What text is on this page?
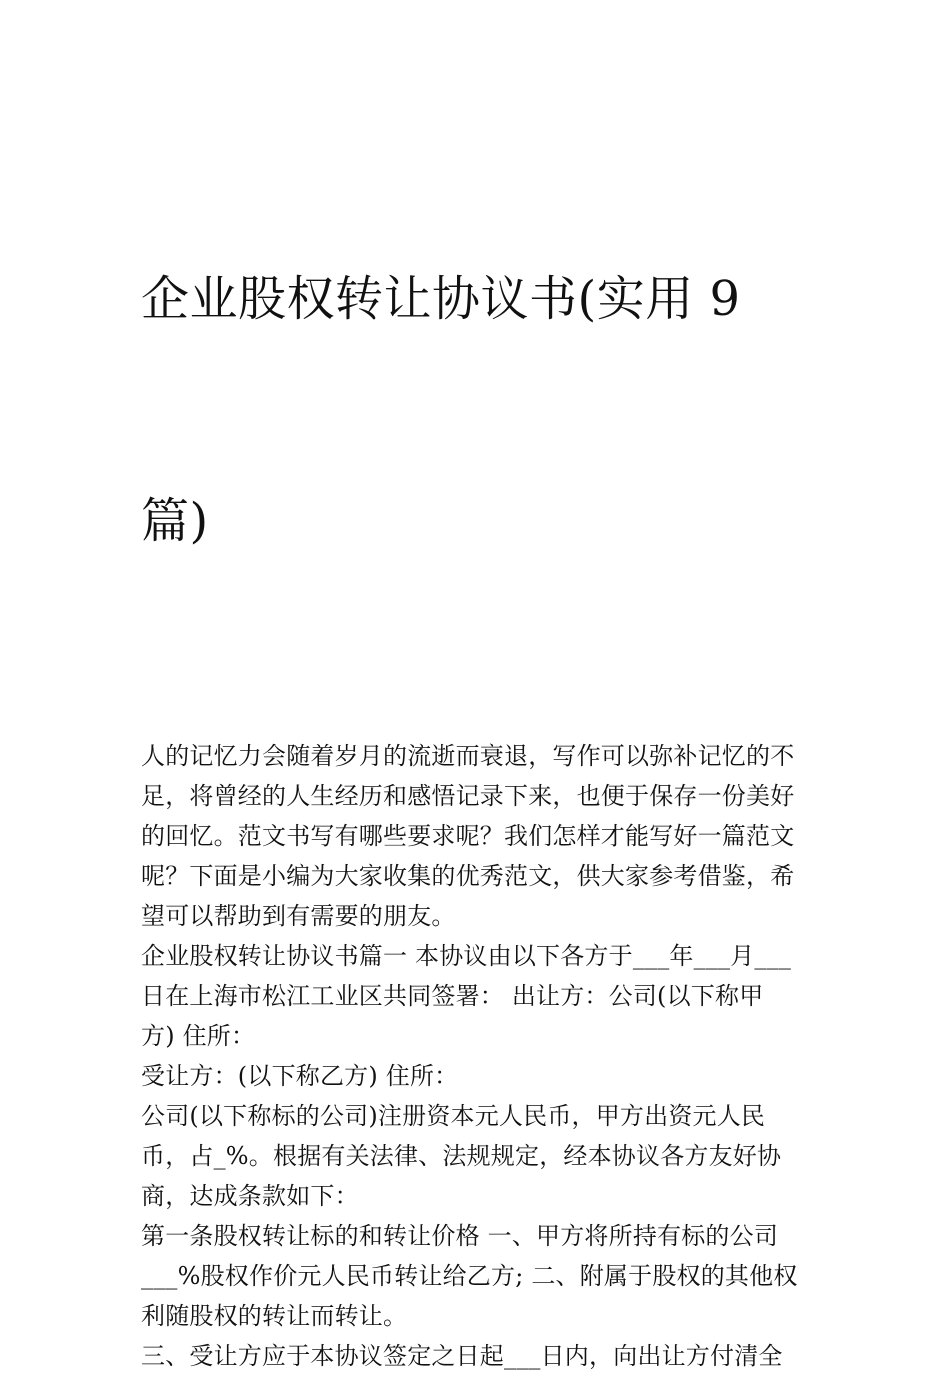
企业股权转让协议书(实用 9

篇)

人的记忆力会随着岁月的流逝而衰退，写作可以弥补记忆的不
足，将曾经的人生经历和感悟记录下来，也便于保存一份美好
的回忆。范文书写有哪些要求呢？我们怎样才能写好一篇范文
呢？下面是小编为大家收集的优秀范文，供大家参考借鉴，希
望可以帮助到有需要的朋友。

企业股权转让协议书篇一 本协议由以下各方于___年___月___
日在上海市松江工业区共同签署： 出让方：公司(以下称甲
方) 住所：

受让方：(以下称乙方) 住所：

公司(以下称标的公司)注册资本元人民币，甲方出资元人民
币，占_%。根据有关法律、法规规定，经本协议各方友好协
商，达成条款如下：

第一条股权转让标的和转让价格 一、甲方将所持有标的公司
___%股权作价元人民币转让给乙方; 二、附属于股权的其他权
利随股权的转让而转让。

三、受让方应于本协议签定之日起___日内，向出让方付清全
